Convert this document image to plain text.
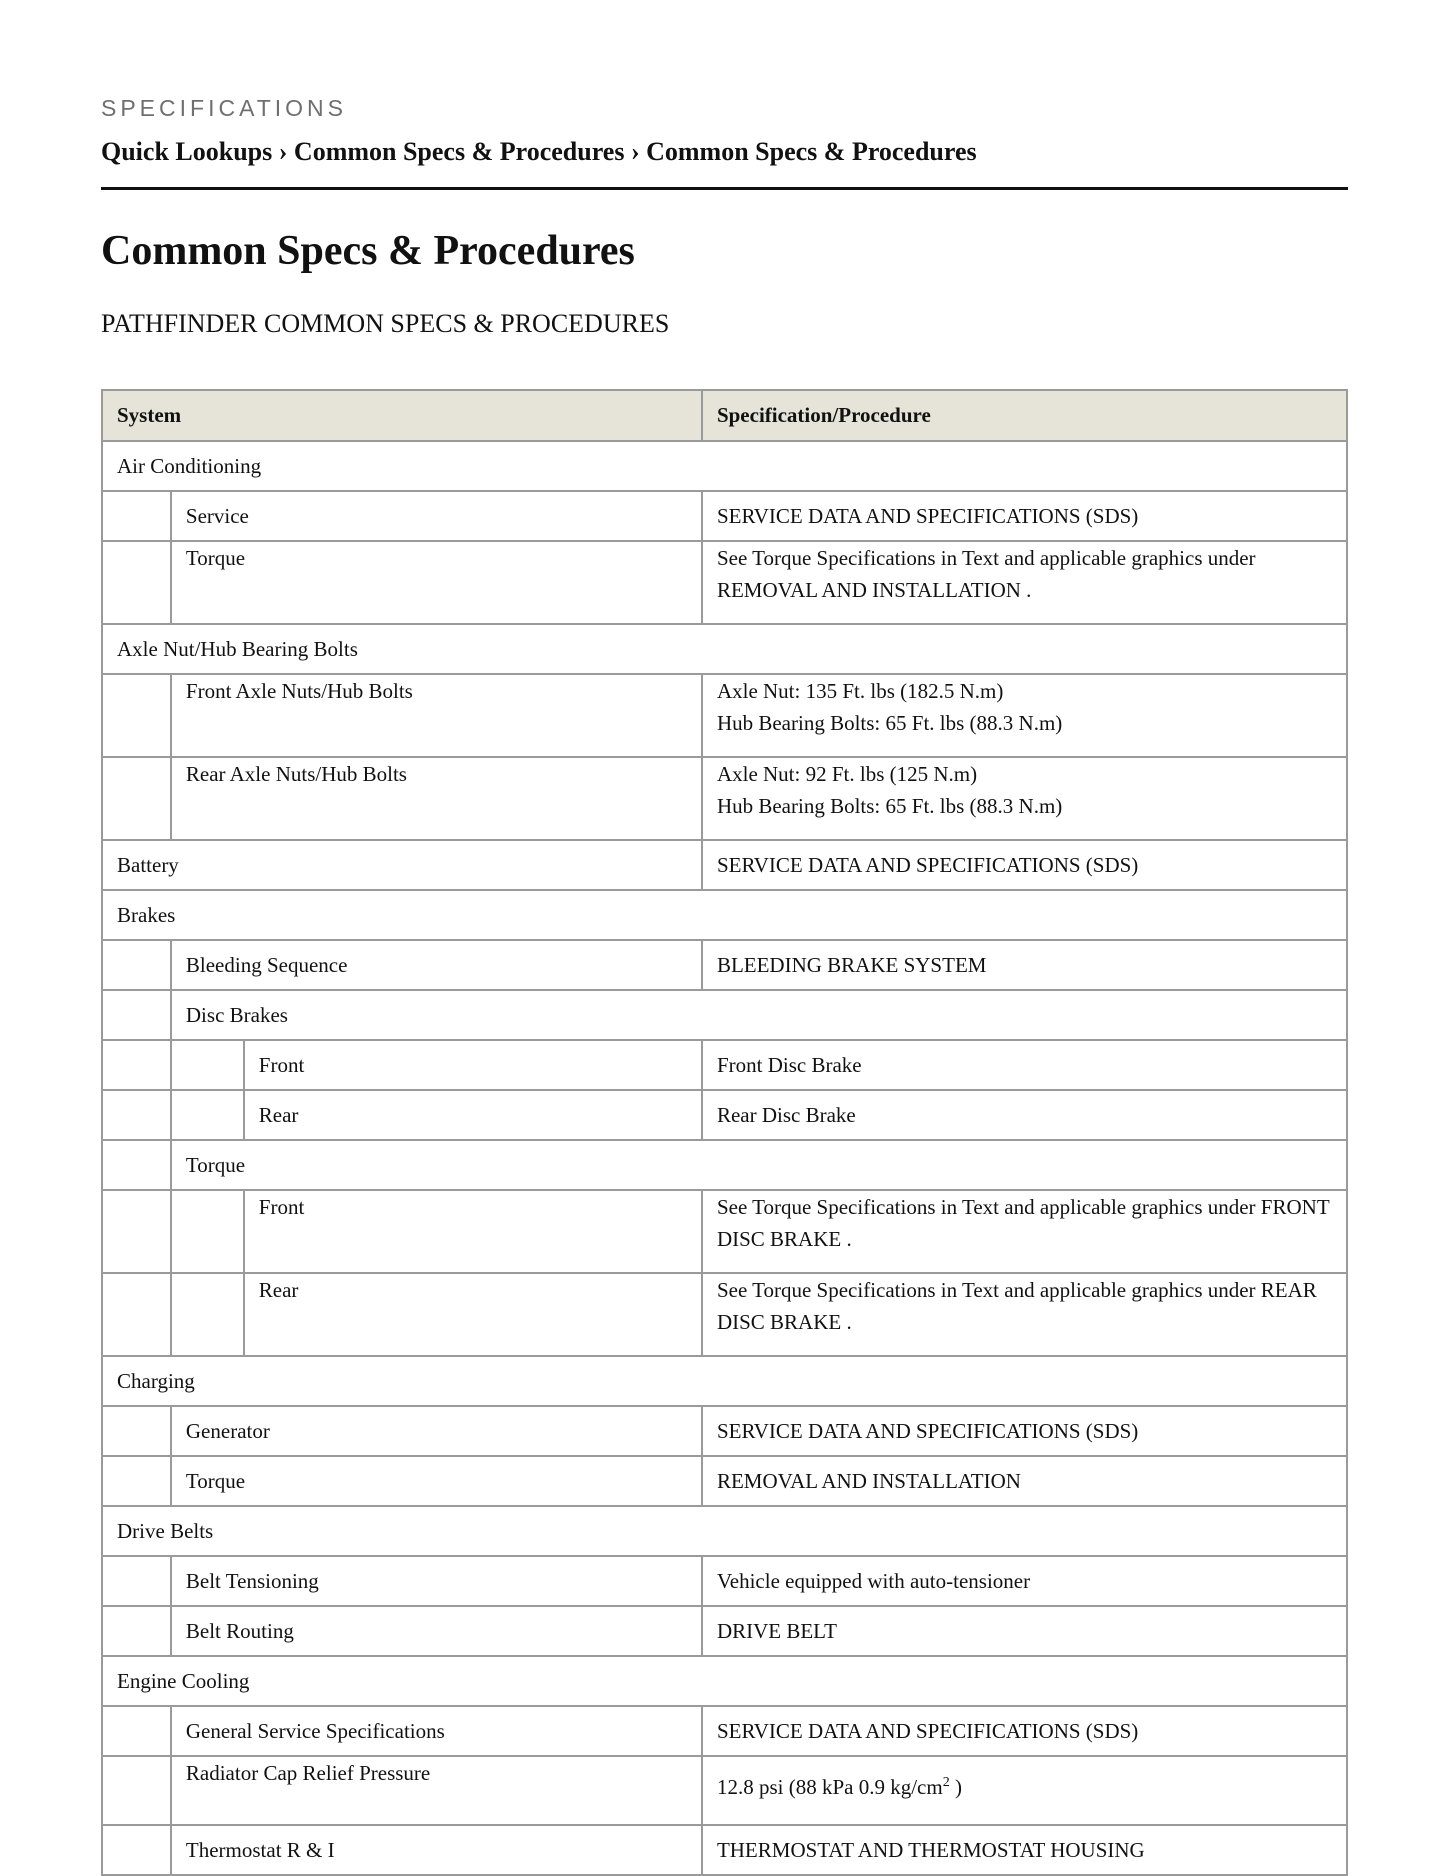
SPECIFICATIONS
Quick Lookups › Common Specs & Procedures › Common Specs & Procedures
Common Specs & Procedures
PATHFINDER COMMON SPECS & PROCEDURES
System			Specification/Procedure
Air Conditioning			
	Service		SERVICE DATA AND SPECIFICATIONS (SDS)
	Torque		See Torque Specifications in Text and applicable graphics under REMOVAL AND INSTALLATION .
Axle Nut/Hub Bearing Bolts			
	Front Axle Nuts/Hub Bolts		Axle Nut: 135 Ft. lbs (182.5 N.m)
Hub Bearing Bolts: 65 Ft. lbs (88.3 N.m)

	Rear Axle Nuts/Hub Bolts		Axle Nut: 92 Ft. lbs (125 N.m)
Hub Bearing Bolts: 65 Ft. lbs (88.3 N.m)

Battery			SERVICE DATA AND SPECIFICATIONS (SDS)
Brakes			
	Bleeding Sequence		BLEEDING BRAKE SYSTEM
	Disc Brakes		
		Front	Front Disc Brake
		Rear	Rear Disc Brake
	Torque		
		Front	See Torque Specifications in Text and applicable graphics under FRONT DISC BRAKE .
		Rear	See Torque Specifications in Text and applicable graphics under REAR DISC BRAKE .
Charging			
	Generator		SERVICE DATA AND SPECIFICATIONS (SDS)
	Torque		REMOVAL AND INSTALLATION
Drive Belts			
	Belt Tensioning		Vehicle equipped with auto-tensioner
	Belt Routing		DRIVE BELT
Engine Cooling			
	General Service Specifications		SERVICE DATA AND SPECIFICATIONS (SDS)
	Radiator Cap Relief Pressure		12.8 psi (88 kPa 0.9 $kg/cm^2$ )
	Thermostat R & I		THERMOSTAT AND THERMOSTAT HOUSING
